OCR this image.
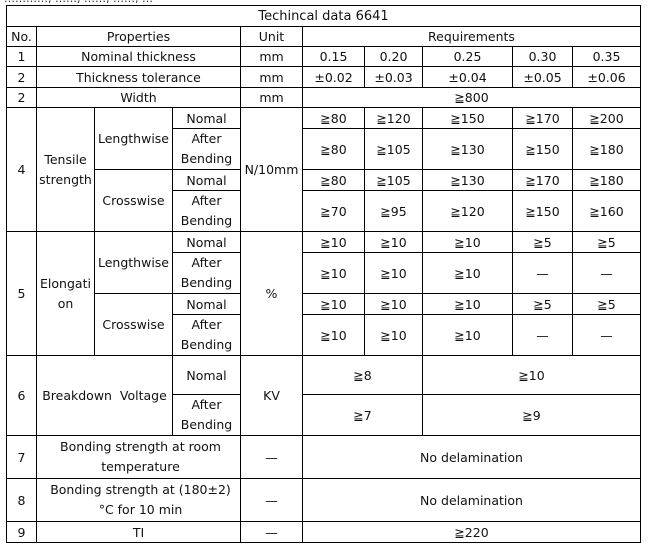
Techincal data 6641									
No.	Properties			Unit	Requirements				
1	Nominal thickness			mm	0.15	0.20	0.25	0.30	0.35
2	Thickness tolerance			mm	±0.02	±0.03	±0.04	±0.05	±0.06
2	Width			mm	≧800				
4	Tensile strength	Lengthwise	Nomal	N/10mm	≧80	≧120	≧150	≧170	≧200
			After Bending		≧80	≧105	≧130	≧150	≧180

		Crosswise	Nomal		≧80	≧105	≧130	≧170	≧180
			After Bending		≧70	≧95	≧120	≧150	≧160

5	Elongati on	Lengthwise	Nomal	%	≧10	≧10	≧10	≧5	≧5
			After Bending		≧10	≧10	≧10	—	—

		Crosswise	Nomal		≧10	≧10	≧10	≧5	≧5
			After Bending		≧10	≧10	≧10	—	—

6	Breakdown  Voltage		Nomal	KV	≧8		≧10		
			After Bending		≧7		≧9		
7	Bonding strength at room temperature			—	No delamination				
8	Bonding strength at (180±2)°C for 10 min			—	No delamination				
9	TI			—	≧220				
